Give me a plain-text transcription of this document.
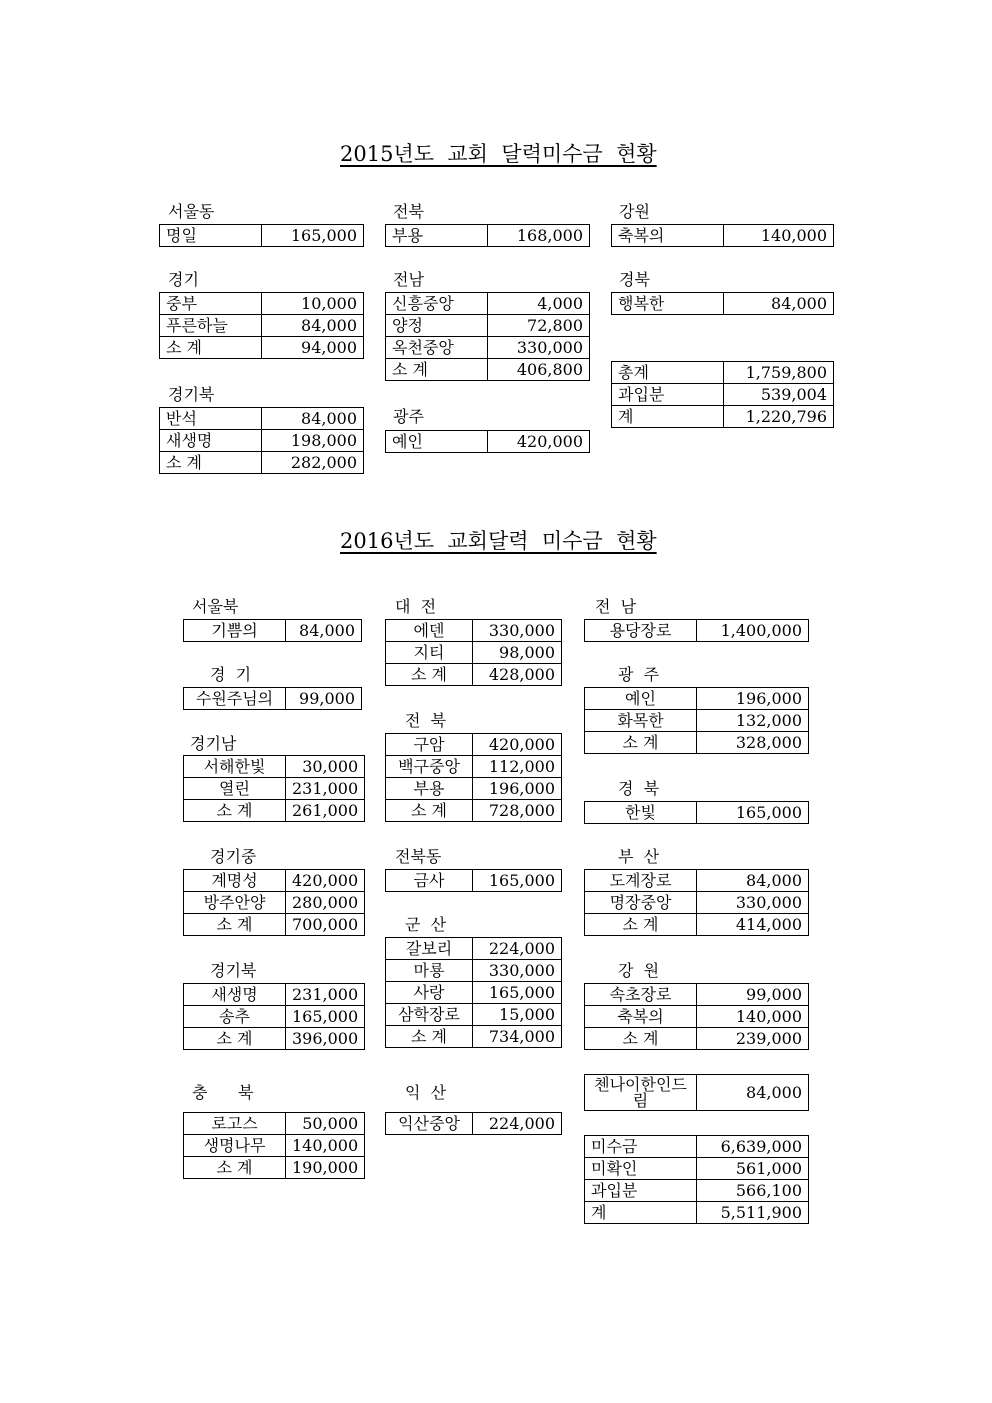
2015년도  교회  달력미수금  현황
서울동
명일	165,000
전북
부용	168,000
강원
축복의	140,000
경기
중부	10,000
푸른하늘	84,000
소 계	94,000
전남
신흥중앙	4,000
양정	72,800
옥천중앙	330,000
소 계	406,800
경북
행복한	84,000
총계	1,759,800
과입분	539,004
계	1,220,796
경기북
반석	84,000
새생명	198,000
소 계	282,000
광주
예인	420,000
2016년도  교회달력  미수금  현황
서울북
기쁨의	84,000
대  전
에덴	330,000
지티	98,000
소 계	428,000
전  남
용당장로	1,400,000
경  기
수원주님의	99,000
광  주
예인	196,000
화목한	132,000
소 계	328,000
전  북
구암	420,000
백구중앙	112,000
부용	196,000
소 계	728,000
경기남
서해한빛	30,000
열린	231,000
소 계	261,000
경  북
한빛	165,000
경기중
계명성	420,000
방주안양	280,000
소 계	700,000
전북동
금사	165,000
부  산
도계장로	84,000
명장중앙	330,000
소 계	414,000
군  산
갈보리	224,000
마룡	330,000
사랑	165,000
삼학장로	15,000
소 계	734,000
경기북
새생명	231,000
송추	165,000
소 계	396,000
강  원
속초장로	99,000
축복의	140,000
소 계	239,000
첸나이한인드림	84,000
충      북	익  산
로고스	50,000
생명나무	140,000
소 계	190,000
익산중앙	224,000
미수금	6,639,000
미확인	561,000
과입분	566,100
계	5,511,900
